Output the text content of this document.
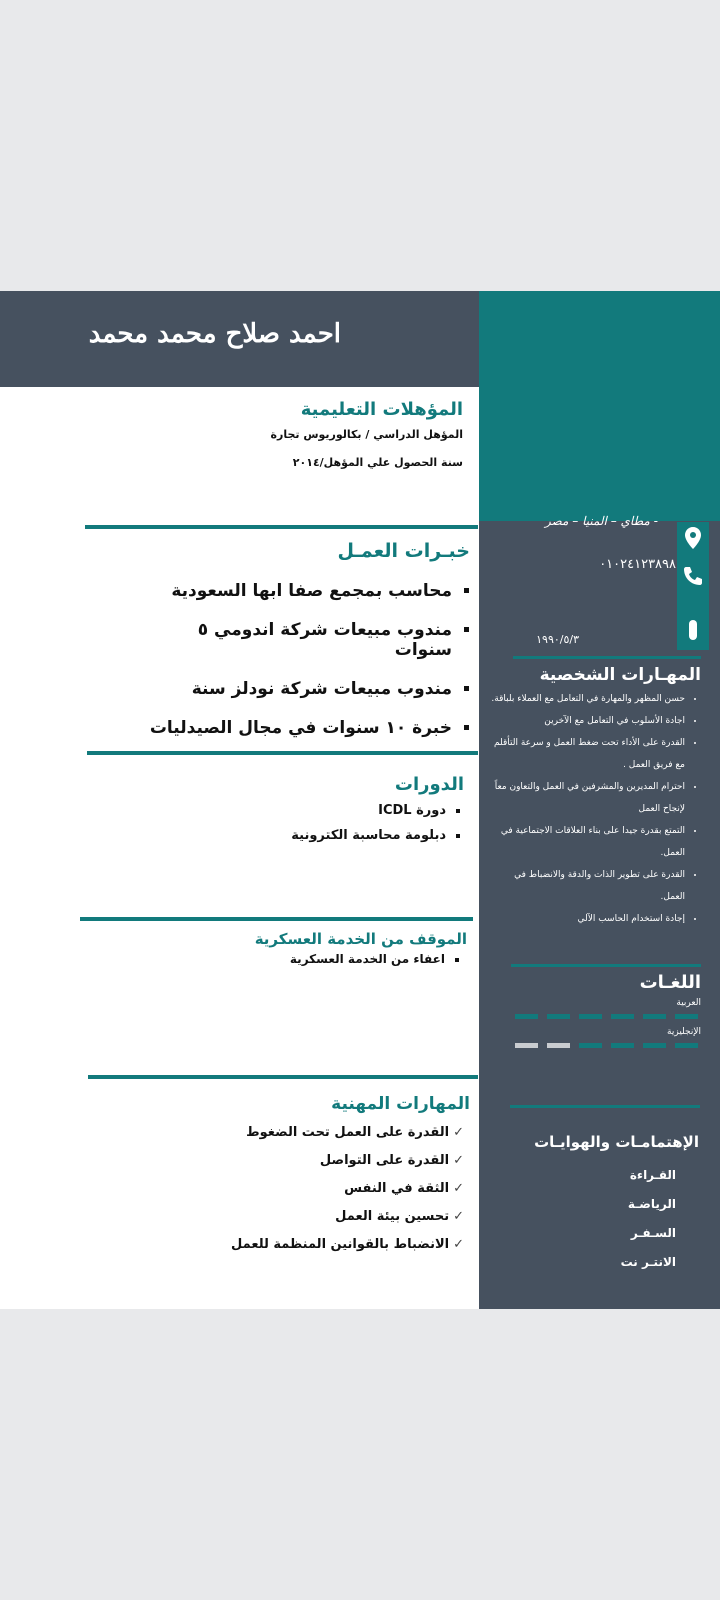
احمد صلاح محمد محمد
- مطاي – المنيا – مصر
٠١٠٢٤١٢٣٨٩٨
١٩٩٠/٥/٣
المهـارات الشخصية
• حسن المظهر والمهارة في التعامل مع العملاء بلباقة.
• اجادة الأسلوب في التعامل مع الآخرين
• القدرة على الأداء تحت ضغط العمل و سرعة التأقلم مع فريق العمل .
• احترام المديرين والمشرفين في العمل والتعاون معاً لإنجاح العمل
• التمتع بقدرة جيدا على بناء العلاقات الاجتماعية في العمل.
• القدرة على تطوير الذات والدقة والانضباط في العمل.
• إجادة استخدام الحاسب الآلي
اللغـات
العربية
الإنجليزية
الإهتمامـات والهوايـات
القـراءة
الرياضـة
السـفـر
الانتـر نت
المؤهلات التعليمية
المؤهل الدراسي / بكالوريوس تجارة
سنة الحصول علي المؤهل/٢٠١٤
خبـرات العمـل
▪ محاسب بمجمع صفا ابها السعودية
▪ مندوب مبيعات شركة اندومي ٥ سنوات
▪ مندوب مبيعات شركة نودلز سنة
▪ خبرة ١٠ سنوات في مجال الصيدليات
الدورات
▪ دورة ICDL
▪ دبلومة محاسبة الكترونية
الموقف من الخدمة العسكرية
▪ اعفاء من الخدمة العسكرية
المهارات المهنية
✓القدرة على العمل تحت الضغوط
✓القدرة على التواصل
✓الثقة في النفس
✓تحسين بيئة العمل
✓الانضباط بالقوانين المنظمة للعمل
